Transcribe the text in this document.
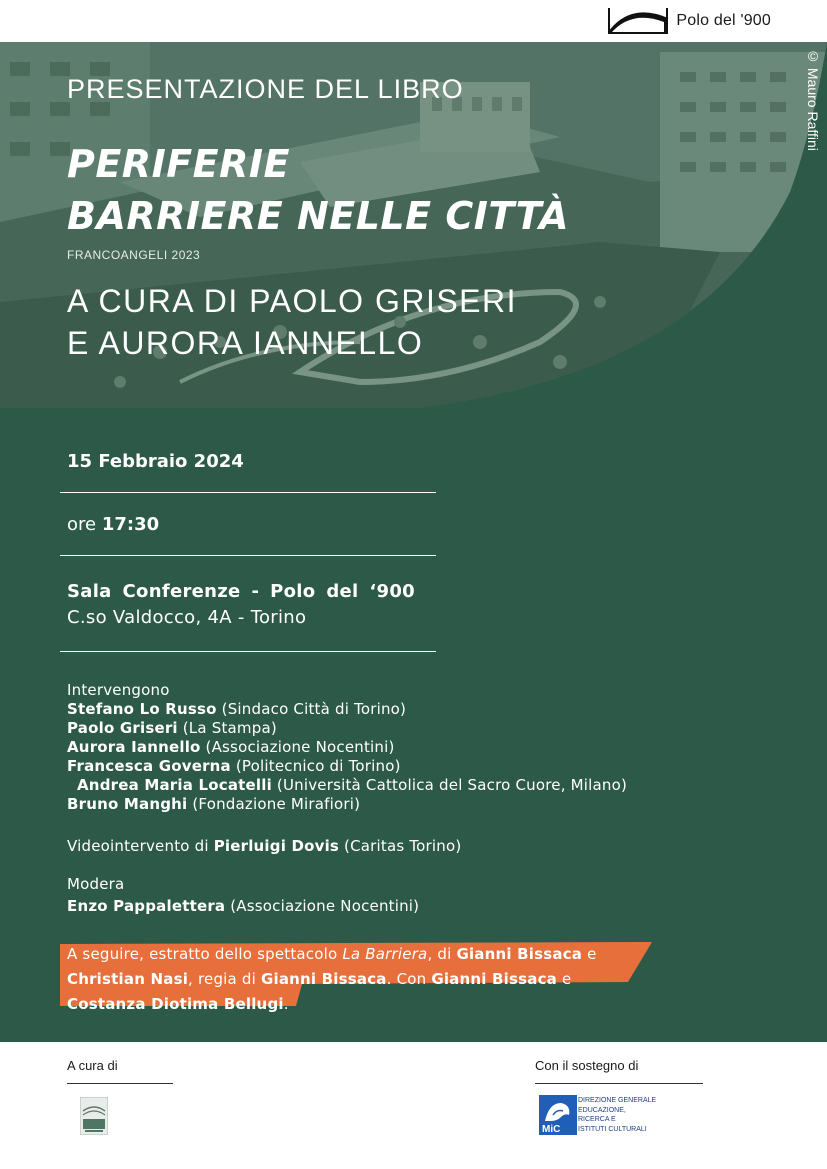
Polo del '900
PRESENTAZIONE DEL LIBRO
PERIFERIE
BARRIERE NELLE CITTÀ
FRANCOANGELI 2023
A CURA DI PAOLO GRISERI
E AURORA IANNELLO
© Mauro Raffini
15 Febbraio 2024
ore 17:30
Sala Conferenze - Polo del ‘900 C.so Valdocco, 4A - Torino
Intervengono
Stefano Lo Russo (Sindaco Città di Torino)
Paolo Griseri (La Stampa)
Aurora Iannello (Associazione Nocentini)
Francesca Governa (Politecnico di Torino)
Andrea Maria Locatelli (Università Cattolica del Sacro Cuore, Milano)
Bruno Manghi (Fondazione Mirafiori)
Videointervento di Pierluigi Dovis (Caritas Torino)
Modera
Enzo Pappalettera (Associazione Nocentini)
A seguire, estratto dello spettacolo La Barriera, di Gianni Bissaca e Christian Nasi, regia di Gianni Bissaca. Con Gianni Bissaca e Costanza Diotima Bellugi.
A cura di	Con il sostegno di
MiC
DIREZIONE GENERALE
EDUCAZIONE,
RICERCA E
ISTITUTI CULTURALI
